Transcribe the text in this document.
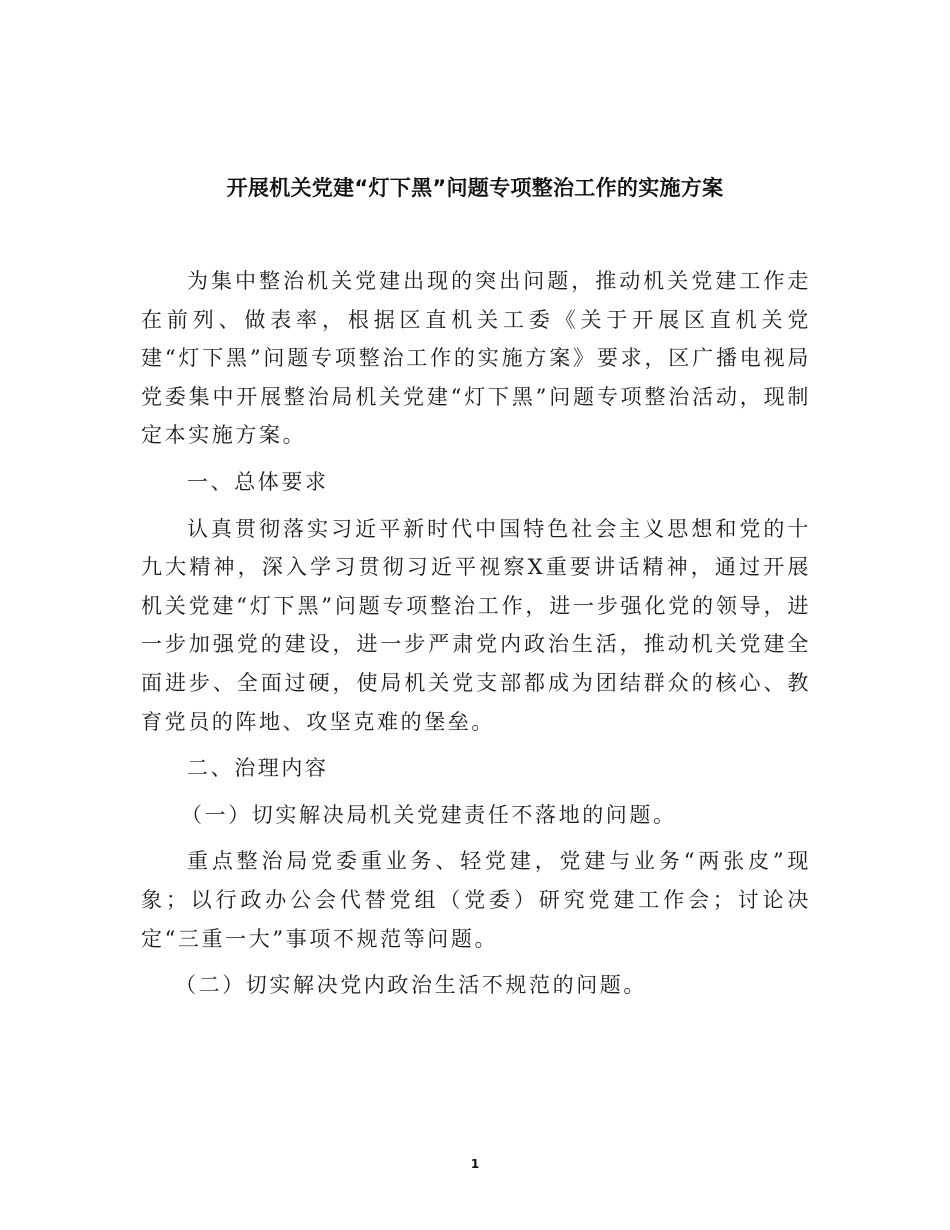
开展机关党建“灯下黑”问题专项整治工作的实施方案

为集中整治机关党建出现的突出问题，推动机关党建工作走在前列、做表率，根据区直机关工委《关于开展区直机关党建“灯下黑”问题专项整治工作的实施方案》要求，区广播电视局党委集中开展整治局机关党建“灯下黑”问题专项整治活动，现制定本实施方案。

一、总体要求

认真贯彻落实习近平新时代中国特色社会主义思想和党的十九大精神，深入学习贯彻习近平视察X重要讲话精神，通过开展机关党建“灯下黑”问题专项整治工作，进一步强化党的领导，进一步加强党的建设，进一步严肃党内政治生活，推动机关党建全面进步、全面过硬，使局机关党支部都成为团结群众的核心、教育党员的阵地、攻坚克难的堡垒。

二、治理内容

（一）切实解决局机关党建责任不落地的问题。

重点整治局党委重业务、轻党建，党建与业务“两张皮”现象；以行政办公会代替党组（党委）研究党建工作会；讨论决定“三重一大”事项不规范等问题。

（二）切实解决党内政治生活不规范的问题。

1
